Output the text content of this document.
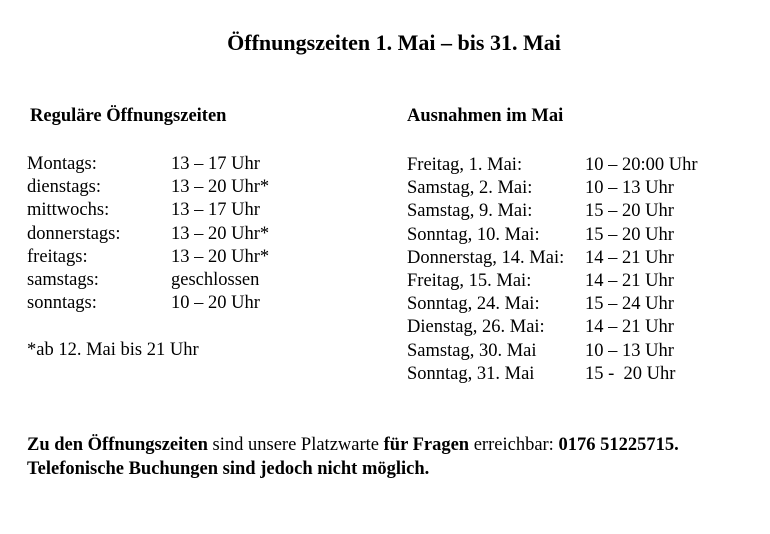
Öffnungszeiten 1. Mai – bis 31. Mai
Reguläre Öffnungszeiten	Ausnahmen im Mai
Montags:	13 – 17 Uhr
dienstags:	13 – 20 Uhr*
mittwochs:	13 – 17 Uhr
donnerstags:	13 – 20 Uhr*
freitags:	13 – 20 Uhr*
samstags:	geschlossen
sonntags:	10 – 20 Uhr
*ab 12. Mai bis 21 Uhr
Freitag, 1. Mai:	10 – 20:00 Uhr
Samstag, 2. Mai:	10 – 13 Uhr
Samstag, 9. Mai:	15 – 20 Uhr
Sonntag, 10. Mai:	15 – 20 Uhr
Donnerstag, 14. Mai:	14 – 21 Uhr
Freitag, 15. Mai:	14 – 21 Uhr
Sonntag, 24. Mai:	15 – 24 Uhr
Dienstag, 26. Mai:	14 – 21 Uhr
Samstag, 30. Mai	10 – 13 Uhr
Sonntag, 31. Mai	15 -  20 Uhr
Zu den Öffnungszeiten sind unsere Platzwarte für Fragen erreichbar: 0176 51225715.
Telefonische Buchungen sind jedoch nicht möglich.
